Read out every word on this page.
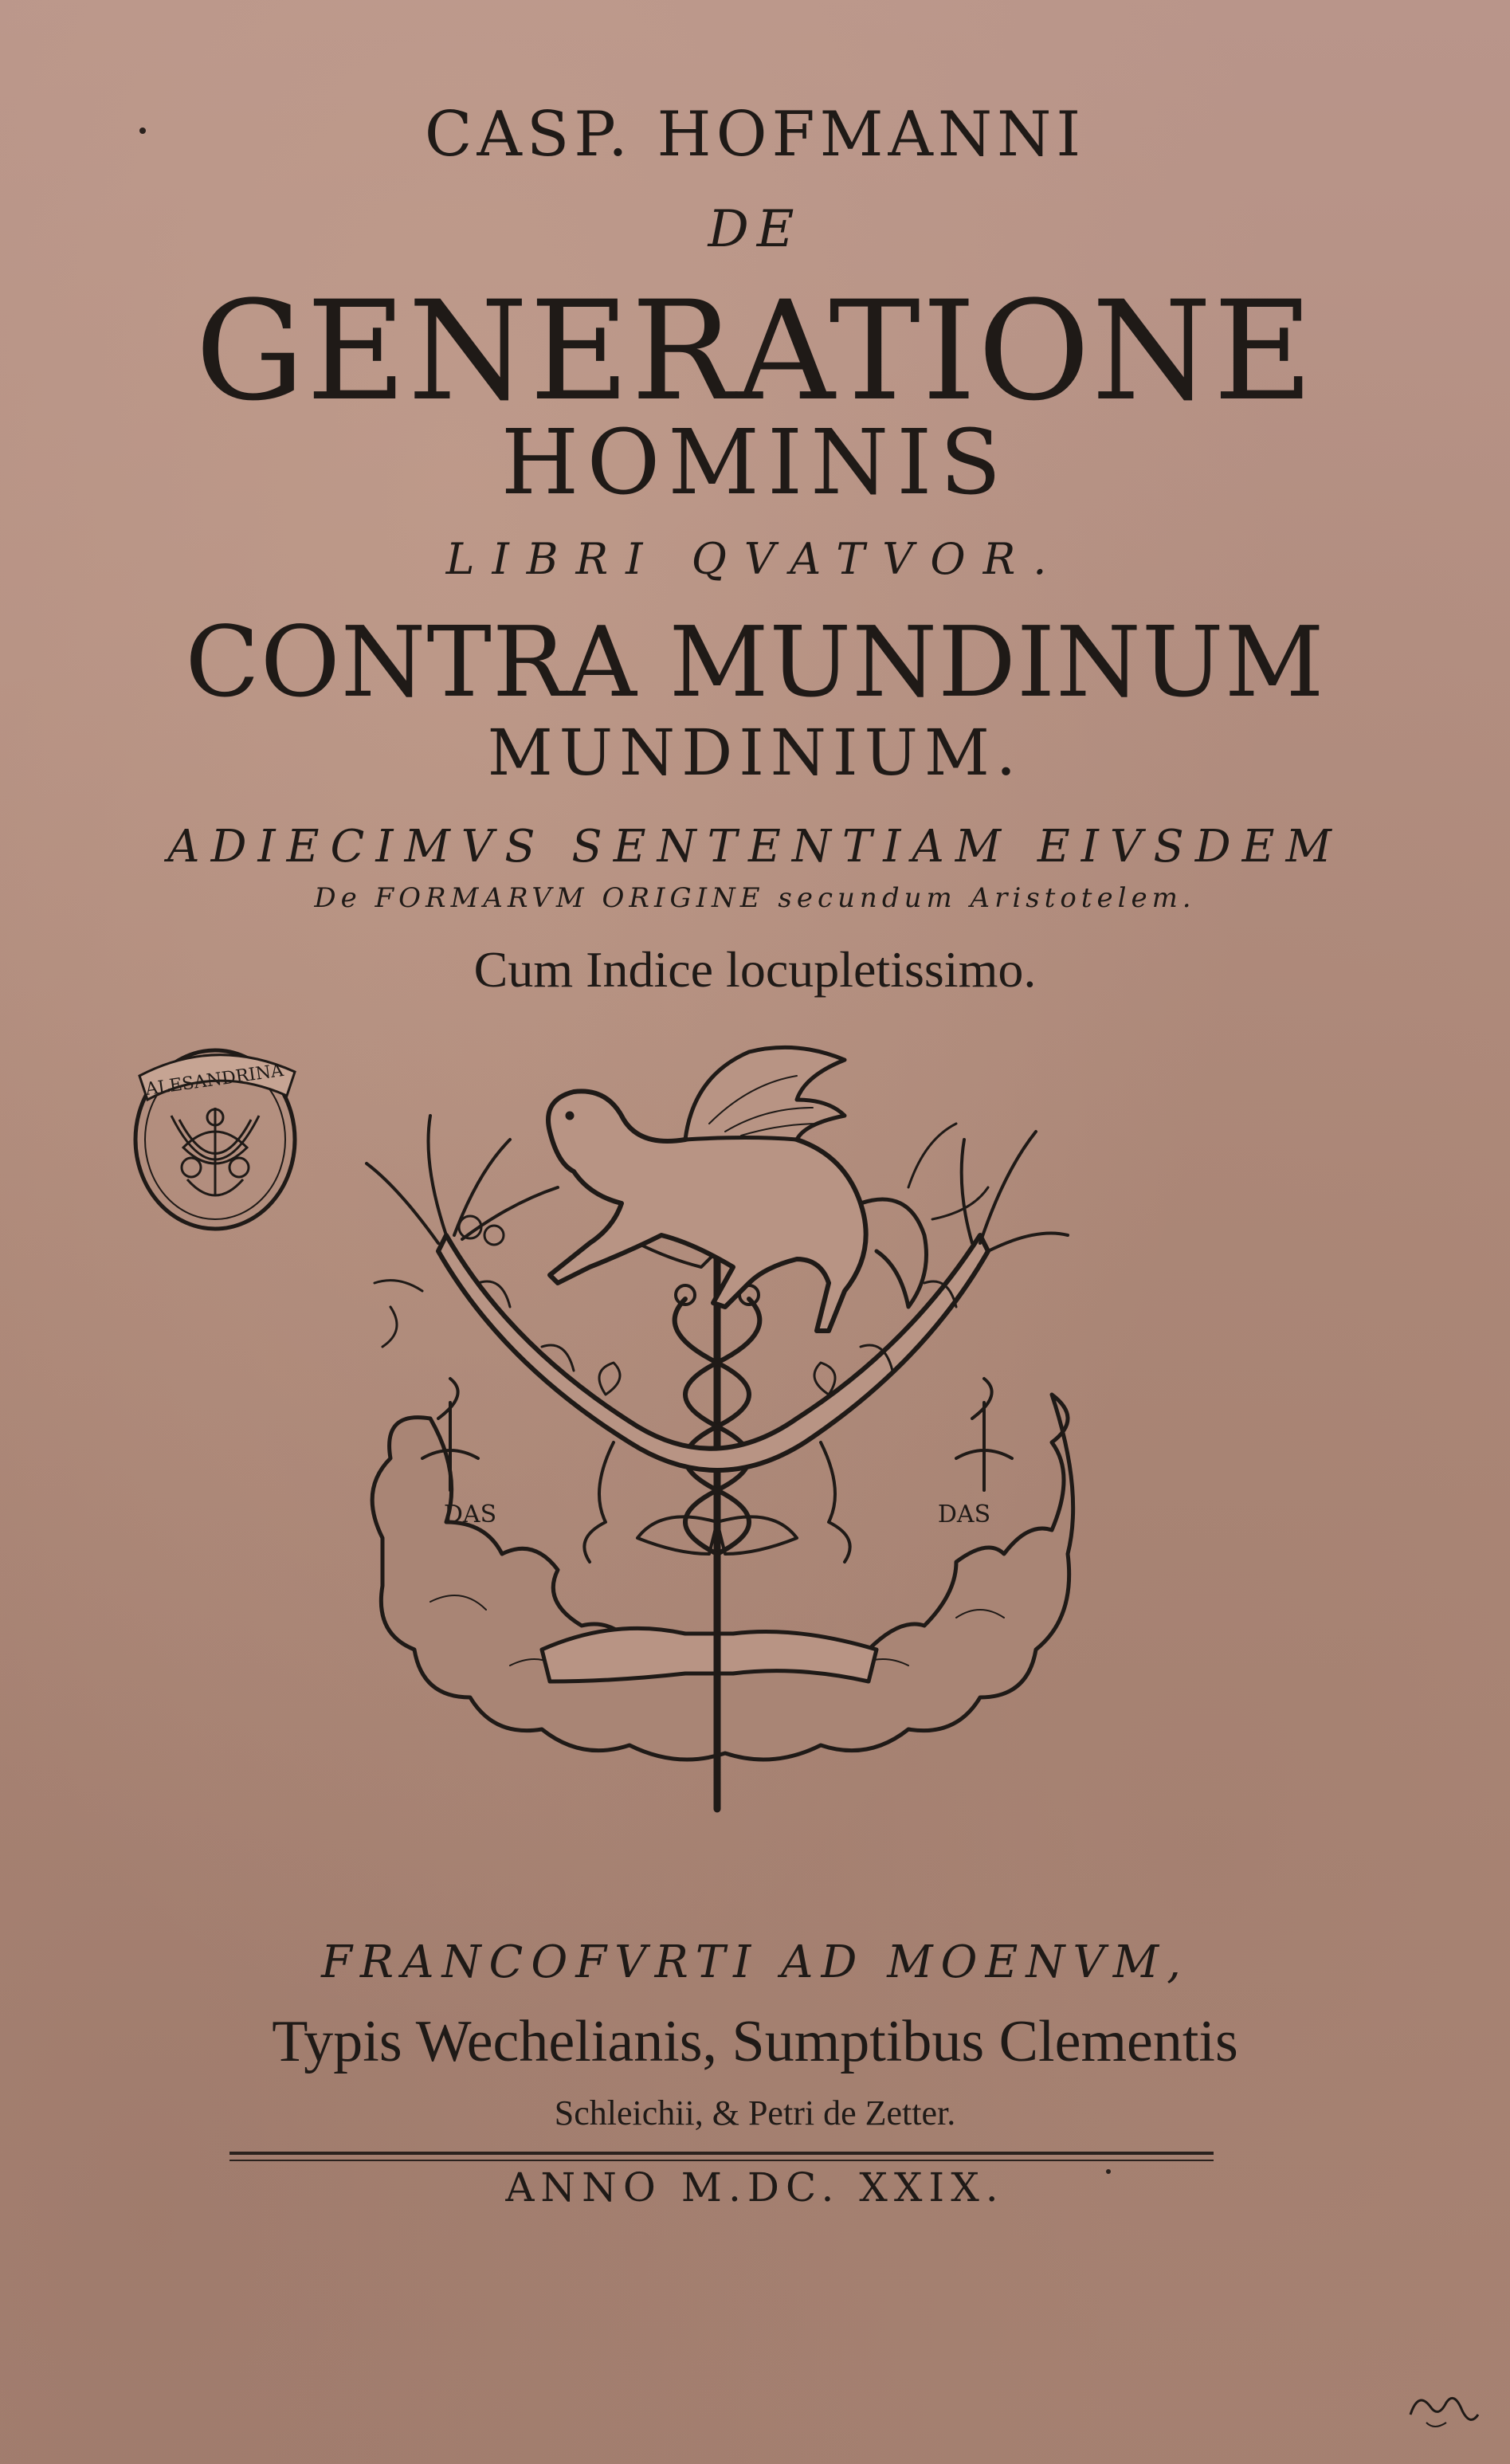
CASP. HOFMANNI
DE
GENERATIONE
HOMINIS
LIBRI QVATVOR.
CONTRA MUNDINUM
MUNDINIUM.
ADIECIMVS SENTENTIAM EIVSDEM
De FORMARVM ORIGINE secundum Aristotelem.
Cum Indice locupletissimo.
ALESANDRINA
DAS	DAS
FRANCOFVRTI AD MOENVM,
Typis Wechelianis, Sumptibus Clementis
Schleichii, & Petri de Zetter.
ANNO M.DC. XXIX.
